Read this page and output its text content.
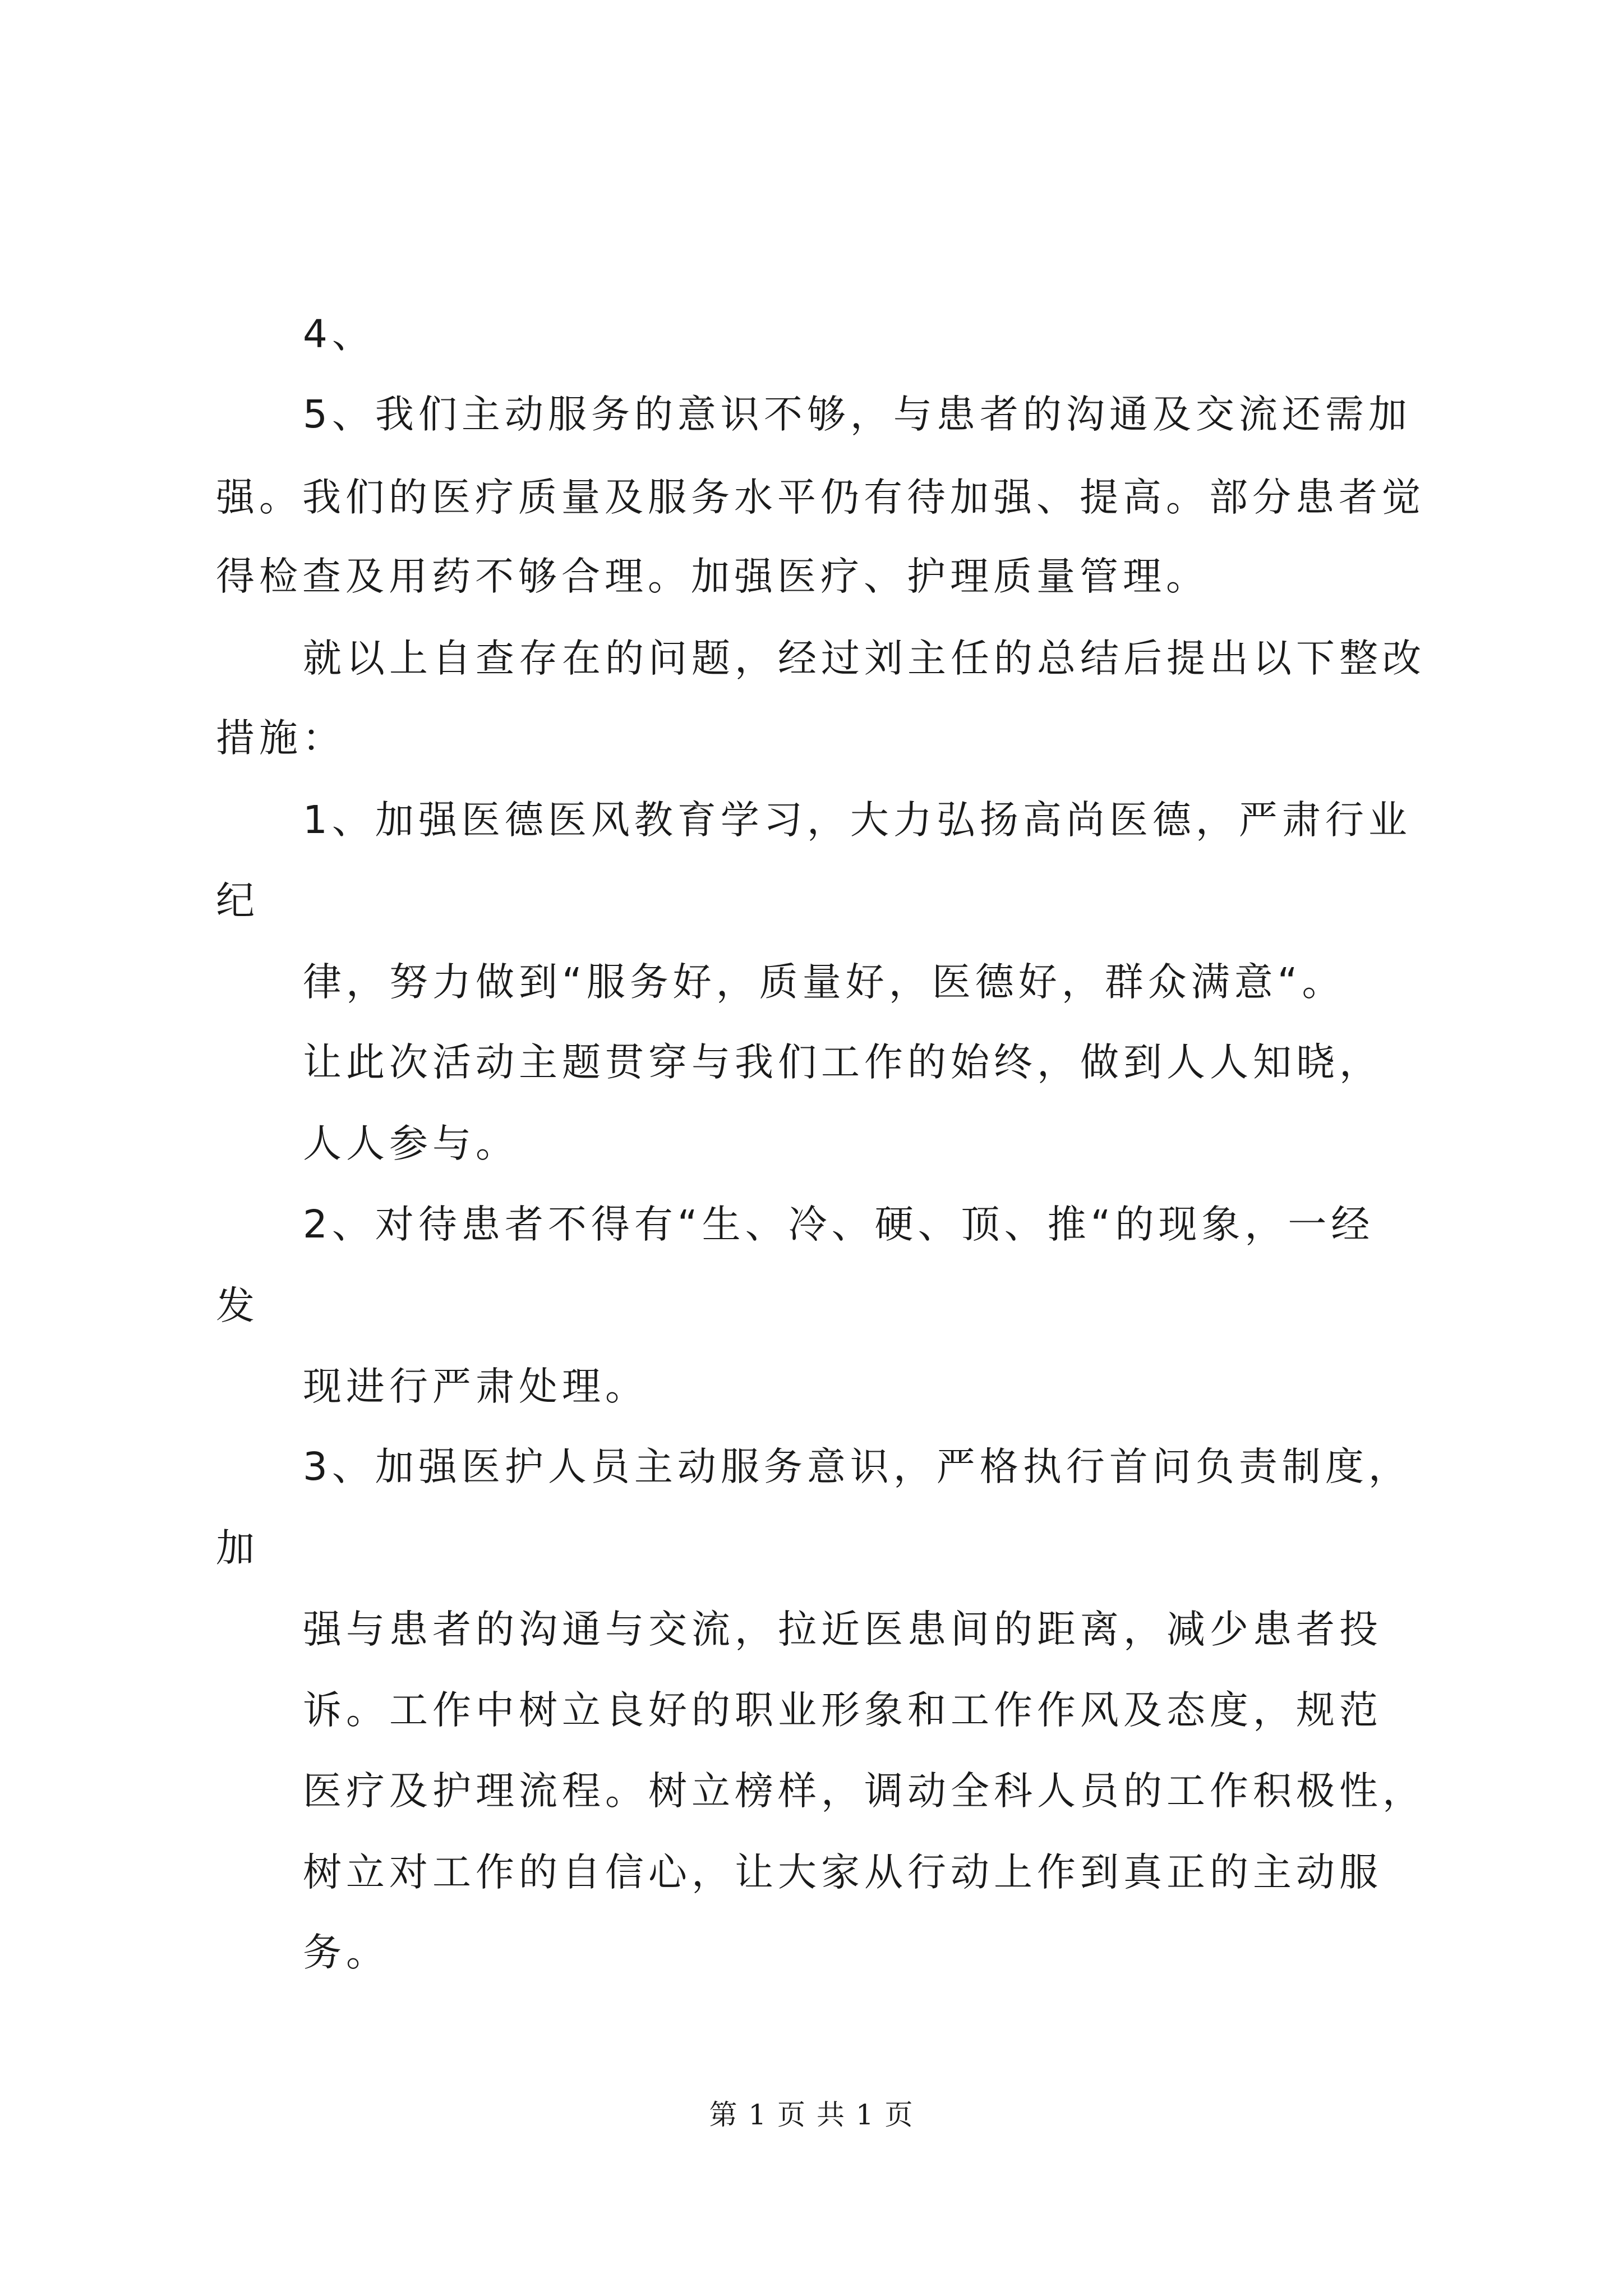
4、
5、我们主动服务的意识不够，与患者的沟通及交流还需加
强。我们的医疗质量及服务水平仍有待加强、提高。部分患者觉
得检查及用药不够合理。加强医疗、护理质量管理。
就以上自查存在的问题，经过刘主任的总结后提出以下整改
措施：
1、加强医德医风教育学习，大力弘扬高尚医德，严肃行业
纪
律，努力做到“服务好，质量好，医德好，群众满意“。
让此次活动主题贯穿与我们工作的始终，做到人人知晓，
人人参与。
2、对待患者不得有“生、冷、硬、顶、推“的现象，一经
发
现进行严肃处理。
3、加强医护人员主动服务意识，严格执行首问负责制度，
加
强与患者的沟通与交流，拉近医患间的距离，减少患者投
诉。工作中树立良好的职业形象和工作作风及态度，规范
医疗及护理流程。树立榜样，调动全科人员的工作积极性，
树立对工作的自信心，让大家从行动上作到真正的主动服
务。
第 1 页 共 1 页
